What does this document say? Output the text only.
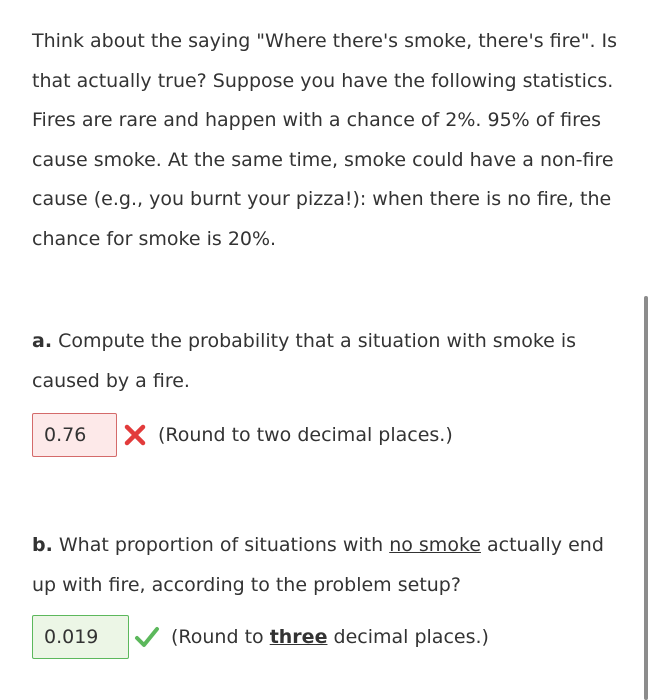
Think about the saying "Where there's smoke, there's fire". Is that actually true? Suppose you have the following statistics. Fires are rare and happen with a chance of 2%. 95% of fires cause smoke. At the same time, smoke could have a non-fire cause (e.g., you burnt your pizza!): when there is no fire, the chance for smoke is 20%.

a. Compute the probability that a situation with smoke is caused by a fire.

0.76	(Round to two decimal places.)

b. What proportion of situations with no smoke actually end up with fire, according to the problem setup?

0.019	(Round to three decimal places.)
